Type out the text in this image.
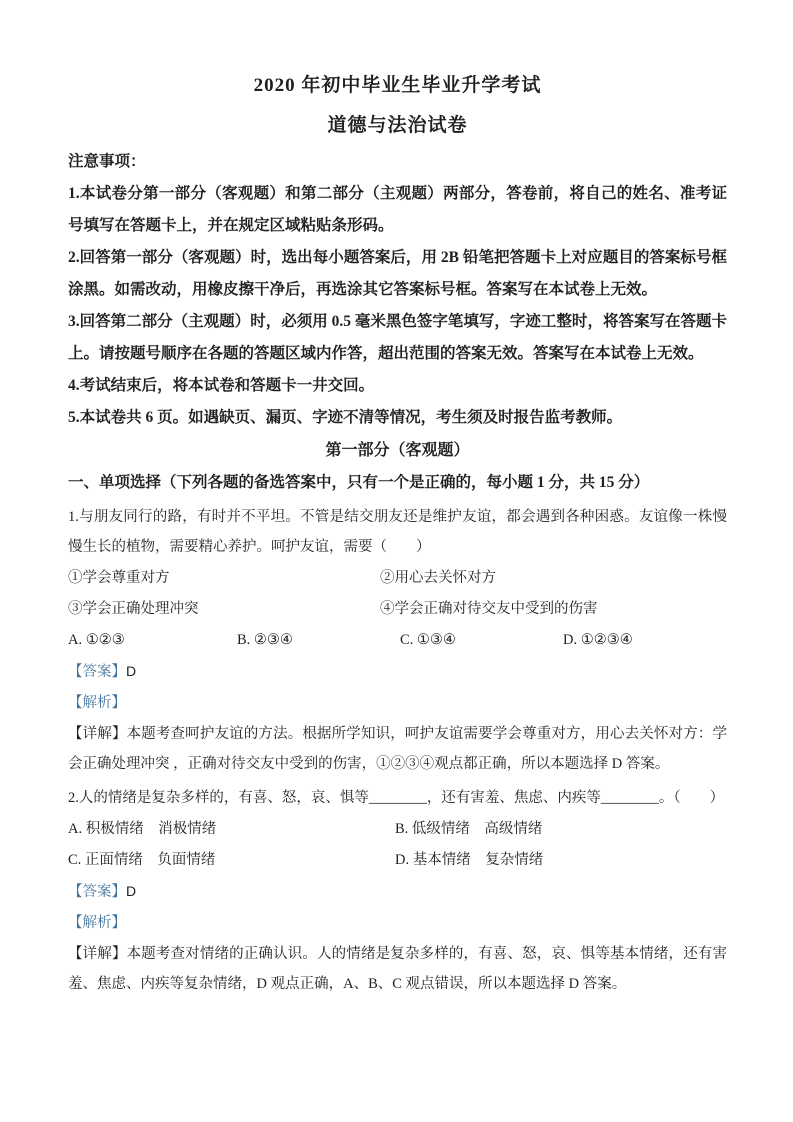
2020 年初中毕业生毕业升学考试
道德与法治试卷

注意事项：

1.本试卷分第一部分（客观题）和第二部分（主观题）两部分，答卷前，将自己的姓名、准考证号填写在答题卡上，并在规定区域粘贴条形码。

2.回答第一部分（客观题）时，选出每小题答案后，用 2B 铅笔把答题卡上对应题目的答案标号框涂黑。如需改动，用橡皮擦干净后，再选涂其它答案标号框。答案写在本试卷上无效。

3.回答第二部分（主观题）时，必须用 0.5 毫米黑色签字笔填写，字迹工整时，将答案写在答题卡上。请按题号顺序在各题的答题区域内作答，超出范围的答案无效。答案写在本试卷上无效。

4.考试结束后，将本试卷和答题卡一井交回。

5.本试卷共 6 页。如遇缺页、漏页、字迹不清等情况，考生须及时报告监考教师。

第一部分（客观题）

一、单项选择（下列各题的备选答案中，只有一个是正确的，每小题 1 分，共 15 分）

1.与朋友同行的路，有时并不平坦。不管是结交朋友还是维护友谊，都会遇到各种困惑。友谊像一株慢慢生长的植物，需要精心养护。呵护友谊，需要（　　）

①学会尊重对方	②用心去关怀对方
③学会正确处理冲突	④学会正确对待交友中受到的伤害
A. ①②③	B. ②③④	C. ①③④	D. ①②③④

【答案】D

【解析】

【详解】本题考查呵护友谊的方法。根据所学知识，呵护友谊需要学会尊重对方，用心去关怀对方：学会正确处理冲突 ，正确对待交友中受到的伤害，①②③④观点都正确，所以本题选择 D 答案。

2.人的情绪是复杂多样的，有喜、怒，哀、惧等________，还有害羞、焦虑、内疾等________。（　　）

A. 积极情绪　消极情绪	B. 低级情绪　高级情绪
C. 正面情绪　负面情绪	D. 基本情绪　复杂情绪

【答案】D

【解析】

【详解】本题考查对情绪的正确认识。人的情绪是复杂多样的，有喜、怒，哀、惧等基本情绪，还有害羞、焦虑、内疾等复杂情绪，D 观点正确，A、B、C 观点错误，所以本题选择 D 答案。
